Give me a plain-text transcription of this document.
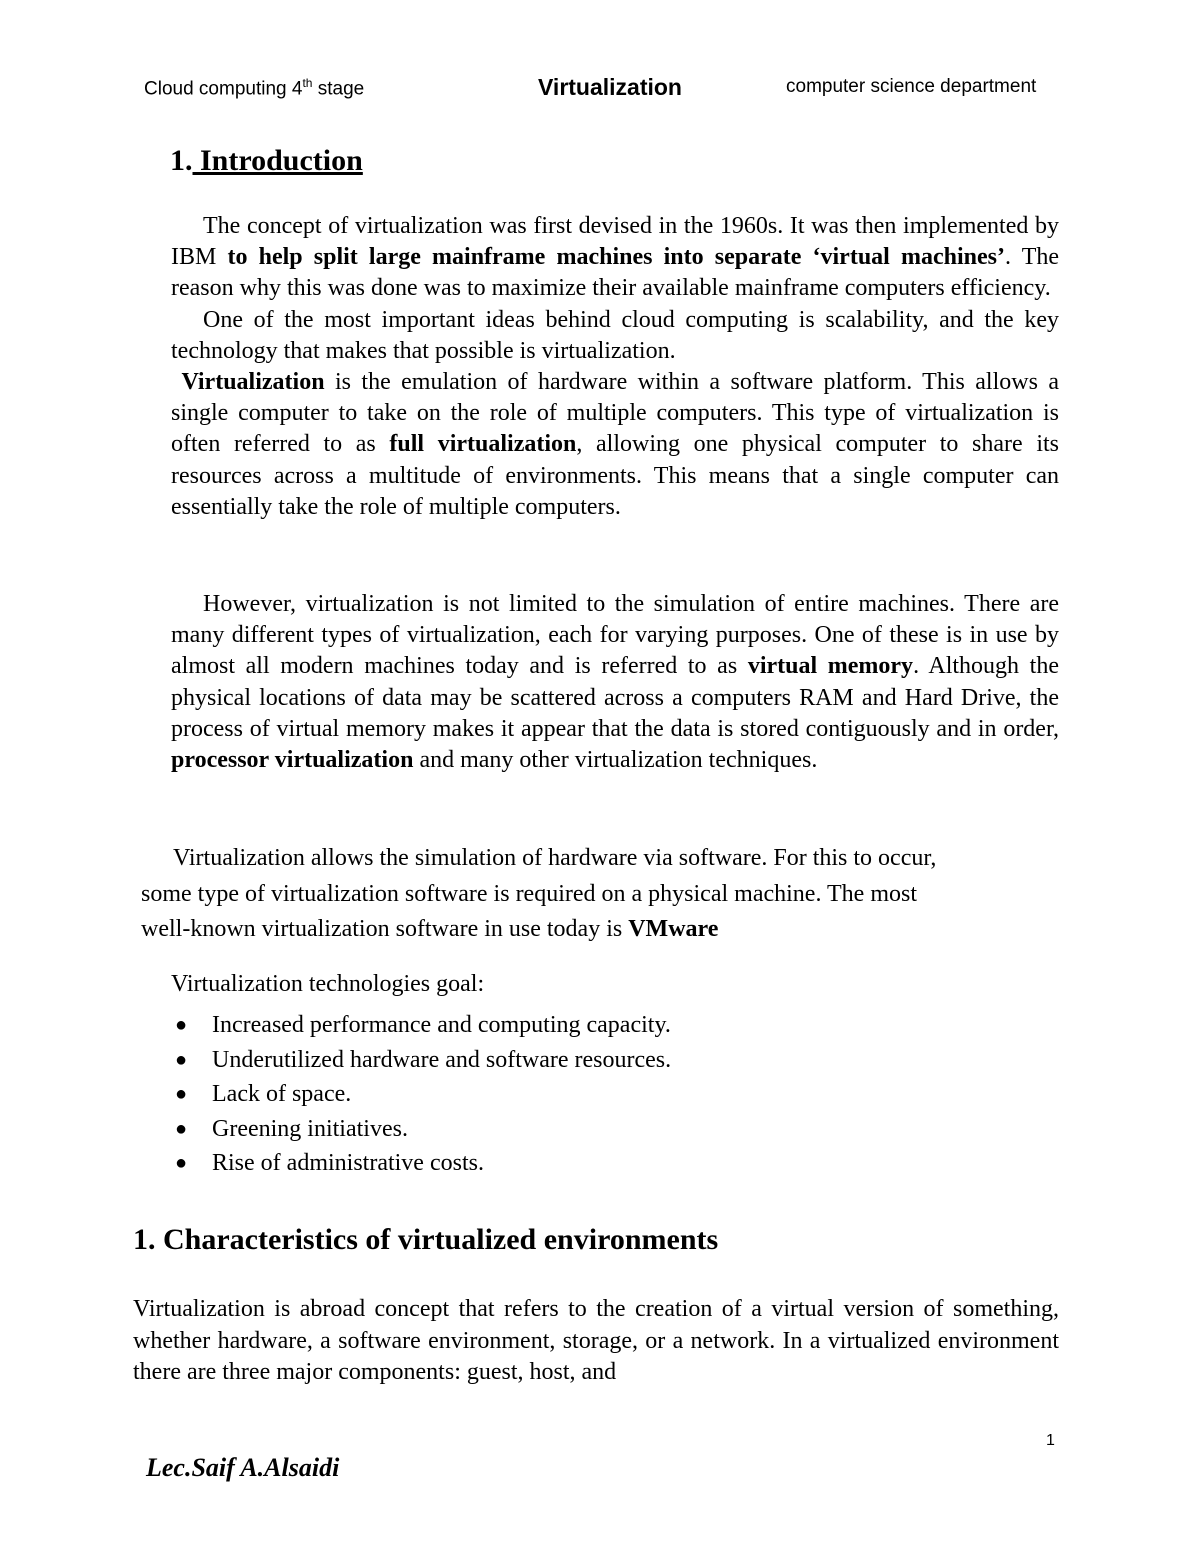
Cloud computing 4th stage	Virtualization	computer science department
1. Introduction

The concept of virtualization was first devised in the 1960s. It was then implemented by IBM to help split large mainframe machines into separate ‘virtual machines’. The reason why this was done was to maximize their available mainframe computers efficiency.

One of the most important ideas behind cloud computing is scalability, and the key technology that makes that possible is virtualization.

Virtualization is the emulation of hardware within a software platform. This allows a single computer to take on the role of multiple computers. This type of virtualization is often referred to as full virtualization, allowing one physical computer to share its resources across a multitude of environments. This means that a single computer can essentially take the role of multiple computers.

However, virtualization is not limited to the simulation of entire machines. There are many different types of virtualization, each for varying purposes. One of these is in use by almost all modern machines today and is referred to as virtual memory. Although the physical locations of data may be scattered across a computers RAM and Hard Drive, the process of virtual memory makes it appear that the data is stored contiguously and in order, processor virtualization and many other virtualization techniques.

Virtualization allows the simulation of hardware via software. For this to occur,
some type of virtualization software is required on a physical machine. The most
well-known virtualization software in use today is VMware
Virtualization technologies goal:
● Increased performance and computing capacity.
● Underutilized hardware and software resources.
● Lack of space.
● Greening initiatives.
● Rise of administrative costs.
1. Characteristics of virtualized environments
Virtualization is abroad concept that refers to the creation of a virtual version of something, whether hardware, a software environment, storage, or a network. In a virtualized environment there are three major components: guest, host, and
1
Lec.Saif A.Alsaidi
